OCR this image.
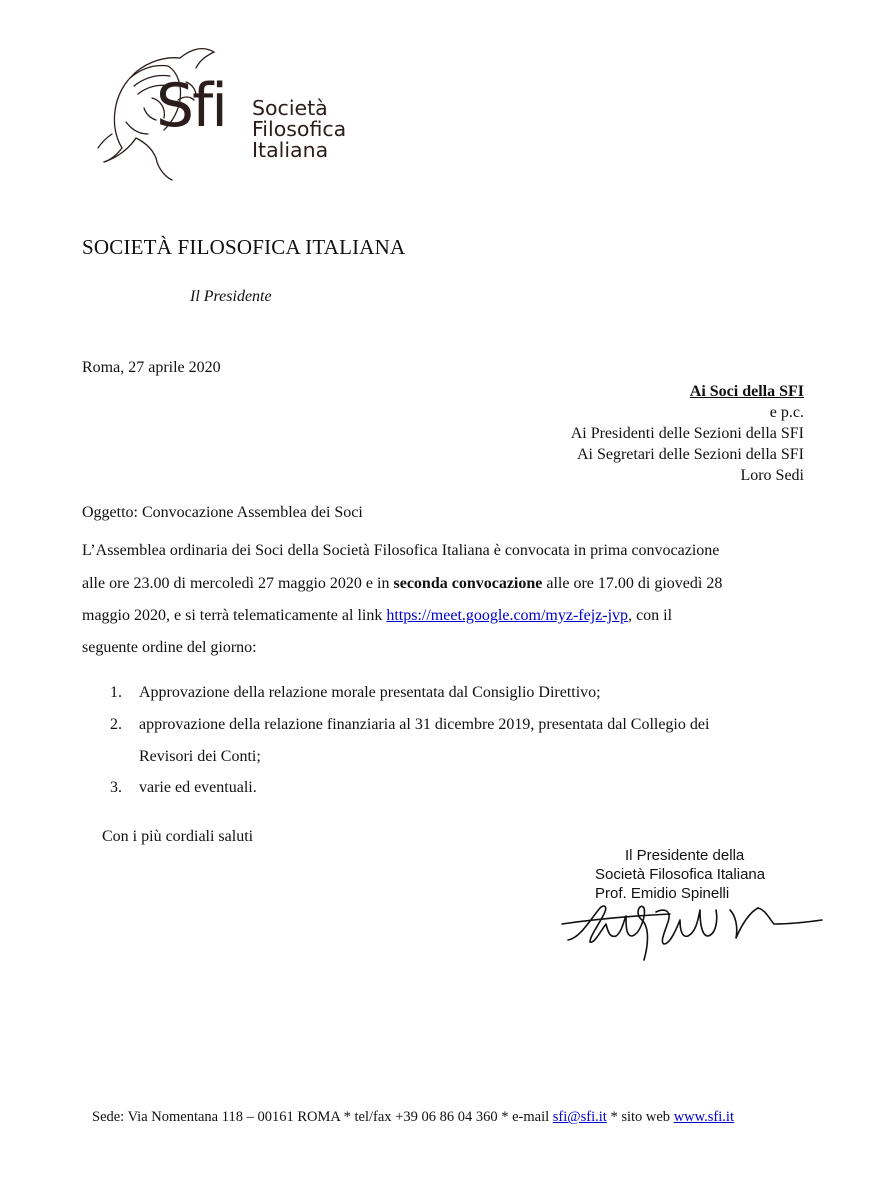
Sfi Società
Filosofica
Italiana
SOCIETÀ FILOSOFICA ITALIANA
Il Presidente
Roma, 27 aprile 2020
Ai Soci della SFI
e p.c.
Ai Presidenti delle Sezioni della SFI
Ai Segretari delle Sezioni della SFI
Loro Sedi
Oggetto: Convocazione Assemblea dei Soci
L’Assemblea ordinaria dei Soci della Società Filosofica Italiana è convocata in prima convocazione
alle ore 23.00 di mercoledì 27 maggio 2020 e in seconda convocazione alle ore 17.00 di giovedì 28
maggio 2020, e si terrà telematicamente al link https://meet.google.com/myz-fejz-jvp, con il
seguente ordine del giorno:
1. Approvazione della relazione morale presentata dal Consiglio Direttivo;
2. approvazione della relazione finanziaria al 31 dicembre 2019, presentata dal Collegio dei
Revisori dei Conti;
3. varie ed eventuali.
Con i più cordiali saluti
Il Presidente della
Società Filosofica Italiana
Prof. Emidio Spinelli
Sede: Via Nomentana 118 – 00161 ROMA * tel/fax +39 06 86 04 360 * e-mail sfi@sfi.it * sito web www.sfi.it
